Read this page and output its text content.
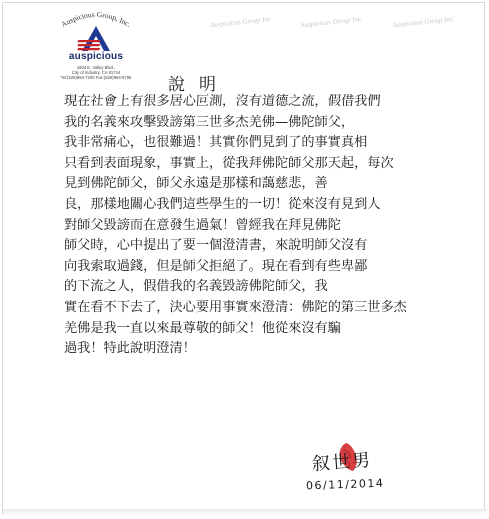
Auspicious Group Inc.	Auspicious Group Inc.	Auspicious Group Inc.
Auspicious Group, Inc.
auspicious
1604 E. Valley Blvd.,
City of Industry, CA 91744
Tel:(626)964-7200 Fax:(626)964-8795 說明
現在社會上有很多居心叵測，沒有道德之流，假借我們
我的名義來攻擊毀謗第三世多杰羌佛—佛陀師父，
我非常痛心，也很難過！其實你們見到了的事實真相
只看到表面現象，事實上，從我拜佛陀師父那天起，每次
見到佛陀師父，師父永遠是那樣和藹慈悲，善
良，那樣地關心我們這些學生的一切！從來沒有見到人
對師父毀謗而在意發生過氣！曾經我在拜見佛陀
師父時，心中提出了要一個澄清書，來說明師父沒有
向我索取過錢，但是師父拒絕了。現在看到有些卑鄙
的下流之人，假借我的名義毀謗佛陀師父，我
實在看不下去了，決心要用事實來澄清：佛陀的第三世多杰
羌佛是我一直以來最尊敬的師父！他從來沒有騙
過我！特此說明澄清！
叙世男
06/11/2014
